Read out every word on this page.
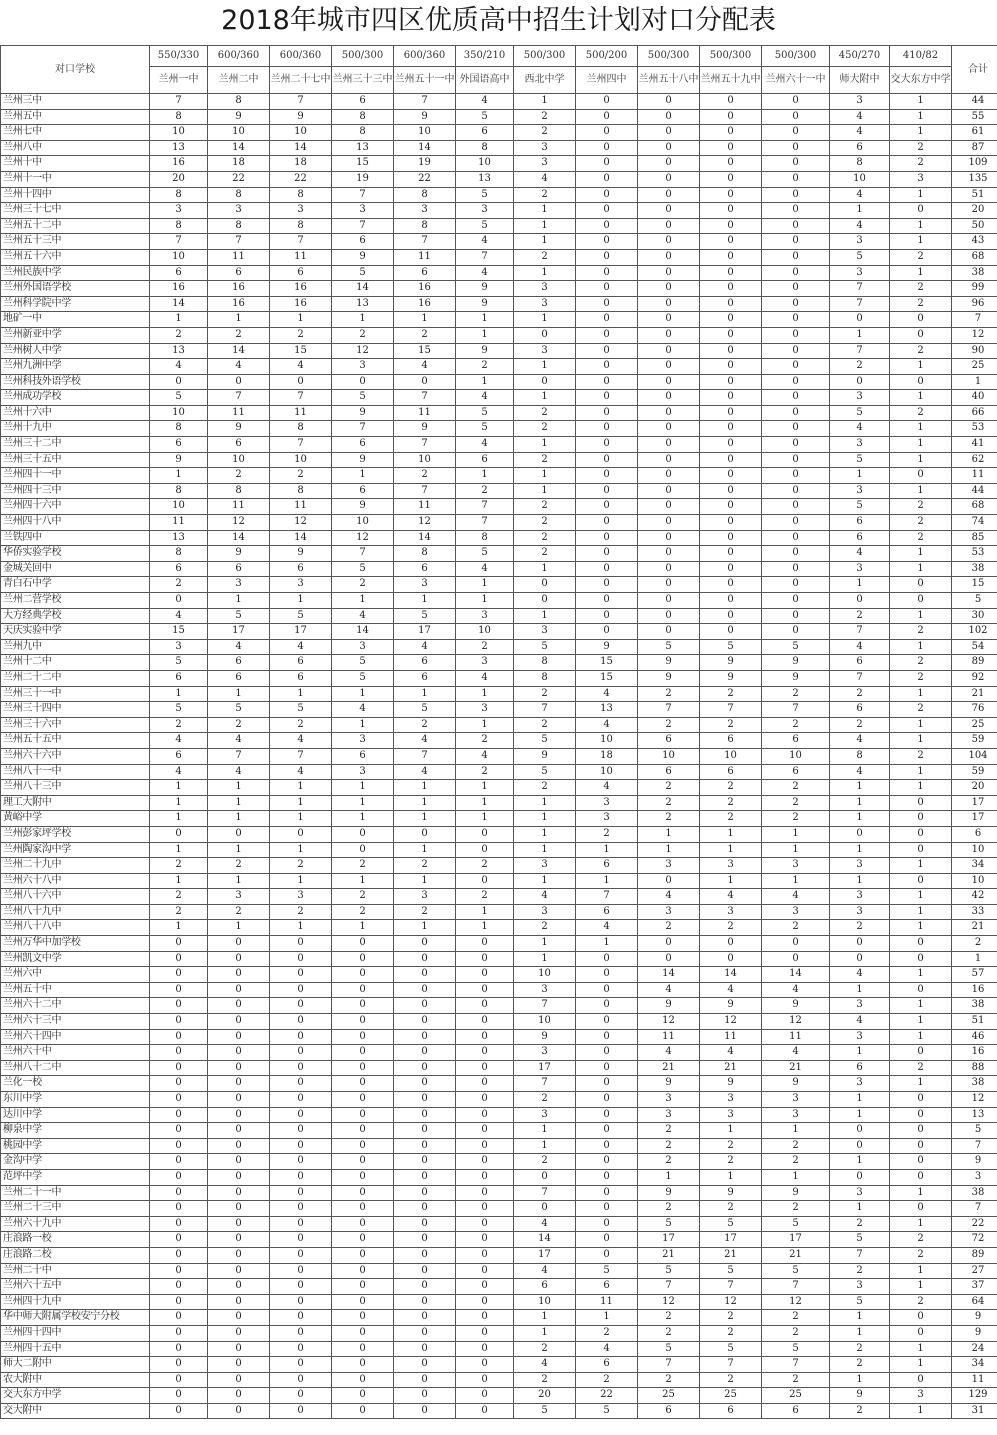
2018年城市四区优质高中招生计划对口分配表
对口学校	550/330	600/360	600/360	500/300	600/360	350/210	500/300	500/200	500/300	500/300	500/300	450/270	410/82	合计
	兰州一中	兰州二中	兰州二十七中	兰州三十三中	兰州五十一中	外国语高中	西北中学	兰州四中	兰州五十八中	兰州五十九中	兰州六十一中	师大附中	交大东方中学	
兰州三中	7	8	7	6	7	4	1	0	0	0	0	3	1	44
兰州五中	8	9	9	8	9	5	2	0	0	0	0	4	1	55
兰州七中	10	10	10	8	10	6	2	0	0	0	0	4	1	61
兰州八中	13	14	14	13	14	8	3	0	0	0	0	6	2	87
兰州十中	16	18	18	15	19	10	3	0	0	0	0	8	2	109
兰州十一中	20	22	22	19	22	13	4	0	0	0	0	10	3	135
兰州十四中	8	8	8	7	8	5	2	0	0	0	0	4	1	51
兰州三十七中	3	3	3	3	3	3	1	0	0	0	0	1	0	20
兰州五十二中	8	8	8	7	8	5	1	0	0	0	0	4	1	50
兰州五十三中	7	7	7	6	7	4	1	0	0	0	0	3	1	43
兰州五十六中	10	11	11	9	11	7	2	0	0	0	0	5	2	68
兰州民族中学	6	6	6	5	6	4	1	0	0	0	0	3	1	38
兰州外国语学校	16	16	16	14	16	9	3	0	0	0	0	7	2	99
兰州科学院中学	14	16	16	13	16	9	3	0	0	0	0	7	2	96
地矿一中	1	1	1	1	1	1	1	0	0	0	0	0	0	7
兰州新亚中学	2	2	2	2	2	1	0	0	0	0	0	1	0	12
兰州树人中学	13	14	15	12	15	9	3	0	0	0	0	7	2	90
兰州九洲中学	4	4	4	3	4	2	1	0	0	0	0	2	1	25
兰州科技外语学校	0	0	0	0	0	1	0	0	0	0	0	0	0	1
兰州成功学校	5	7	7	5	7	4	1	0	0	0	0	3	1	40
兰州十六中	10	11	11	9	11	5	2	0	0	0	0	5	2	66
兰州十九中	8	9	8	7	9	5	2	0	0	0	0	4	1	53
兰州三十二中	6	6	7	6	7	4	1	0	0	0	0	3	1	41
兰州三十五中	9	10	10	9	10	6	2	0	0	0	0	5	1	62
兰州四十一中	1	2	2	1	2	1	1	0	0	0	0	1	0	11
兰州四十三中	8	8	8	6	7	2	1	0	0	0	0	3	1	44
兰州四十六中	10	11	11	9	11	7	2	0	0	0	0	5	2	68
兰州四十八中	11	12	12	10	12	7	2	0	0	0	0	6	2	74
兰铁四中	13	14	14	12	14	8	2	0	0	0	0	6	2	85
华侨实验学校	8	9	9	7	8	5	2	0	0	0	0	4	1	53
金城关回中	6	6	6	5	6	4	1	0	0	0	0	3	1	38
青白石中学	2	3	3	2	3	1	0	0	0	0	0	1	0	15
兰州二营学校	0	1	1	1	1	1	0	0	0	0	0	0	0	5
大方经典学校	4	5	5	4	5	3	1	0	0	0	0	2	1	30
天庆实验中学	15	17	17	14	17	10	3	0	0	0	0	7	2	102
兰州九中	3	4	4	3	4	2	5	9	5	5	5	4	1	54
兰州十二中	5	6	6	5	6	3	8	15	9	9	9	6	2	89
兰州二十二中	6	6	6	5	6	4	8	15	9	9	9	7	2	92
兰州三十一中	1	1	1	1	1	1	2	4	2	2	2	2	1	21
兰州三十四中	5	5	5	4	5	3	7	13	7	7	7	6	2	76
兰州三十六中	2	2	2	1	2	1	2	4	2	2	2	2	1	25
兰州五十五中	4	4	4	3	4	2	5	10	6	6	6	4	1	59
兰州六十六中	6	7	7	6	7	4	9	18	10	10	10	8	2	104
兰州八十一中	4	4	4	3	4	2	5	10	6	6	6	4	1	59
兰州八十三中	1	1	1	1	1	1	2	4	2	2	2	1	1	20
理工大附中	1	1	1	1	1	1	1	3	2	2	2	1	0	17
黄峪中学	1	1	1	1	1	1	1	3	2	2	2	1	0	17
兰州彭家坪学校	0	0	0	0	0	0	1	2	1	1	1	0	0	6
兰州陶家沟中学	1	1	1	0	1	0	1	1	1	1	1	1	0	10
兰州二十九中	2	2	2	2	2	2	3	6	3	3	3	3	1	34
兰州六十八中	1	1	1	1	1	0	1	1	0	1	1	1	0	10
兰州八十六中	2	3	3	2	3	2	4	7	4	4	4	3	1	42
兰州八十九中	2	2	2	2	2	1	3	6	3	3	3	3	1	33
兰州八十八中	1	1	1	1	1	1	2	4	2	2	2	2	1	21
兰州万华中加学校	0	0	0	0	0	0	1	1	0	0	0	0	0	2
兰州凯文中学	0	0	0	0	0	0	1	0	0	0	0	0	0	1
兰州六中	0	0	0	0	0	0	10	0	14	14	14	4	1	57
兰州五十中	0	0	0	0	0	0	3	0	4	4	4	1	0	16
兰州六十二中	0	0	0	0	0	0	7	0	9	9	9	3	1	38
兰州六十三中	0	0	0	0	0	0	10	0	12	12	12	4	1	51
兰州六十四中	0	0	0	0	0	0	9	0	11	11	11	3	1	46
兰州六十中	0	0	0	0	0	0	3	0	4	4	4	1	0	16
兰州八十二中	0	0	0	0	0	0	17	0	21	21	21	6	2	88
兰化一校	0	0	0	0	0	0	7	0	9	9	9	3	1	38
东川中学	0	0	0	0	0	0	2	0	3	3	3	1	0	12
达川中学	0	0	0	0	0	0	3	0	3	3	3	1	0	13
柳泉中学	0	0	0	0	0	0	1	0	2	1	1	0	0	5
桃园中学	0	0	0	0	0	0	1	0	2	2	2	0	0	7
金沟中学	0	0	0	0	0	0	2	0	2	2	2	1	0	9
范坪中学	0	0	0	0	0	0	0	0	1	1	1	0	0	3
兰州二十一中	0	0	0	0	0	0	7	0	9	9	9	3	1	38
兰州二十三中	0	0	0	0	0	0	0	0	2	2	2	1	0	7
兰州六十九中	0	0	0	0	0	0	4	0	5	5	5	2	1	22
庄浪路一校	0	0	0	0	0	0	14	0	17	17	17	5	2	72
庄浪路二校	0	0	0	0	0	0	17	0	21	21	21	7	2	89
兰州二十中	0	0	0	0	0	0	4	5	5	5	5	2	1	27
兰州六十五中	0	0	0	0	0	0	6	6	7	7	7	3	1	37
兰州四十九中	0	0	0	0	0	0	10	11	12	12	12	5	2	64
华中师大附属学校安宁分校	0	0	0	0	0	0	1	1	2	2	2	1	0	9
兰州四十四中	0	0	0	0	0	0	1	2	2	2	2	1	0	9
兰州四十五中	0	0	0	0	0	0	2	4	5	5	5	2	1	24
师大二附中	0	0	0	0	0	0	4	6	7	7	7	2	1	34
农大附中	0	0	0	0	0	0	2	2	2	2	2	1	0	11
交大东方中学	0	0	0	0	0	0	20	22	25	25	25	9	3	129
交大附中	0	0	0	0	0	0	5	5	6	6	6	2	1	31
